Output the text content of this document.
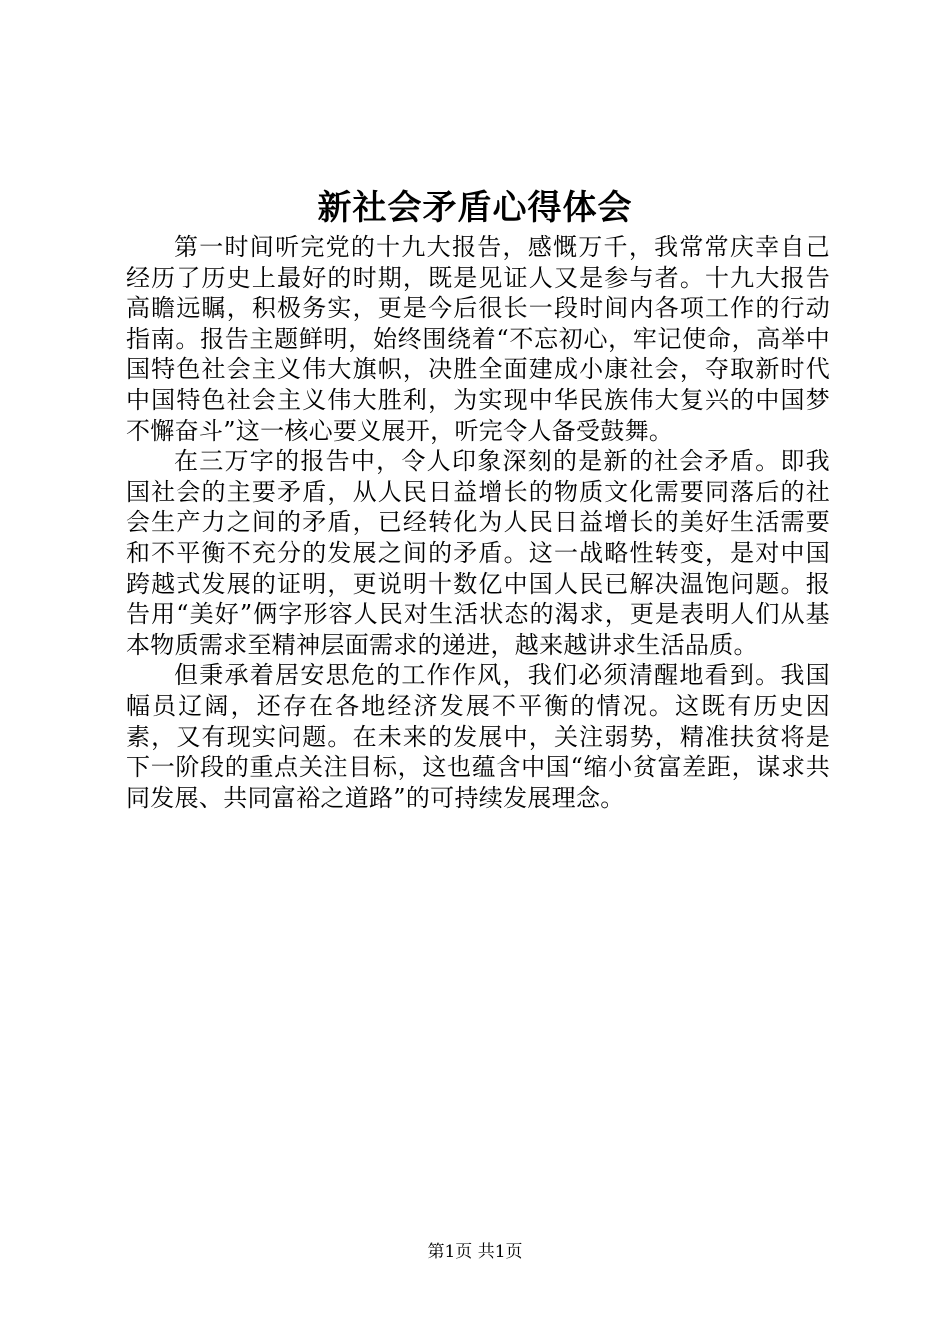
新社会矛盾心得体会

第一时间听完党的十九大报告，感慨万千，我常常庆幸自己经历了历史上最好的时期，既是见证人又是参与者。十九大报告高瞻远瞩，积极务实，更是今后很长一段时间内各项工作的行动指南。报告主题鲜明，始终围绕着“不忘初心，牢记使命，高举中国特色社会主义伟大旗帜，决胜全面建成小康社会，夺取新时代中国特色社会主义伟大胜利，为实现中华民族伟大复兴的中国梦不懈奋斗”这一核心要义展开，听完令人备受鼓舞。

在三万字的报告中，令人印象深刻的是新的社会矛盾。即我国社会的主要矛盾，从人民日益增长的物质文化需要同落后的社会生产力之间的矛盾，已经转化为人民日益增长的美好生活需要和不平衡不充分的发展之间的矛盾。这一战略性转变，是对中国跨越式发展的证明，更说明十数亿中国人民已解决温饱问题。报告用“美好”俩字形容人民对生活状态的渴求，更是表明人们从基本物质需求至精神层面需求的递进，越来越讲求生活品质。

但秉承着居安思危的工作作风，我们必须清醒地看到。我国幅员辽阔，还存在各地经济发展不平衡的情况。这既有历史因素，又有现实问题。在未来的发展中，关注弱势，精准扶贫将是下一阶段的重点关注目标，这也蕴含中国“缩小贫富差距，谋求共同发展、共同富裕之道路”的可持续发展理念。

第1页 共1页
